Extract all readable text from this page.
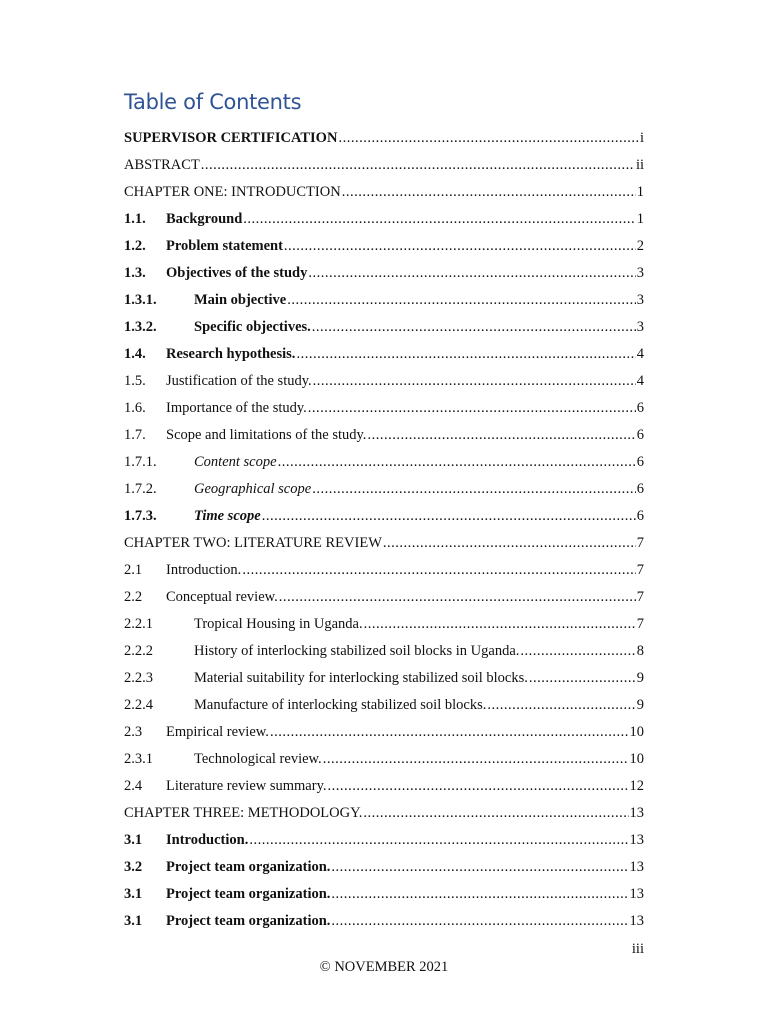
Table of Contents
SUPERVISOR CERTIFICATION .....	i
ABSTRACT .....	ii
CHAPTER ONE: INTRODUCTION .....	1
1.1.	Background .....	1
1.2.	Problem statement .....	2
1.3.	Objectives of the study .....	3
1.3.1.	Main objective .....	3
1.3.2.	Specific objectives. .....	3
1.4.	Research hypothesis. .....	4
1.5.	Justification of the study. .....	4
1.6.	Importance of the study. .....	6
1.7.	Scope and limitations of the study. .....	6
1.7.1.	Content scope .....	6
1.7.2.	Geographical scope .....	6
1.7.3.	Time scope .....	6
CHAPTER TWO: LITERATURE REVIEW .....	7
2.1	Introduction. .....	7
2.2	Conceptual review. .....	7
2.2.1	Tropical Housing in Uganda. .....	7
2.2.2	History of interlocking stabilized soil blocks in Uganda. .....	8
2.2.3	Material suitability for interlocking stabilized soil blocks. .....	9
2.2.4	Manufacture of interlocking stabilized soil blocks. .....	9
2.3	Empirical review. .....	10
2.3.1	Technological review. .....	10
2.4	Literature review summary. .....	12
CHAPTER THREE: METHODOLOGY. .....	13
3.1	Introduction. .....	13
3.2	Project team organization. .....	13
3.1	Project team organization. .....	13
3.1	Project team organization. .....	13
iii
© NOVEMBER 2021
